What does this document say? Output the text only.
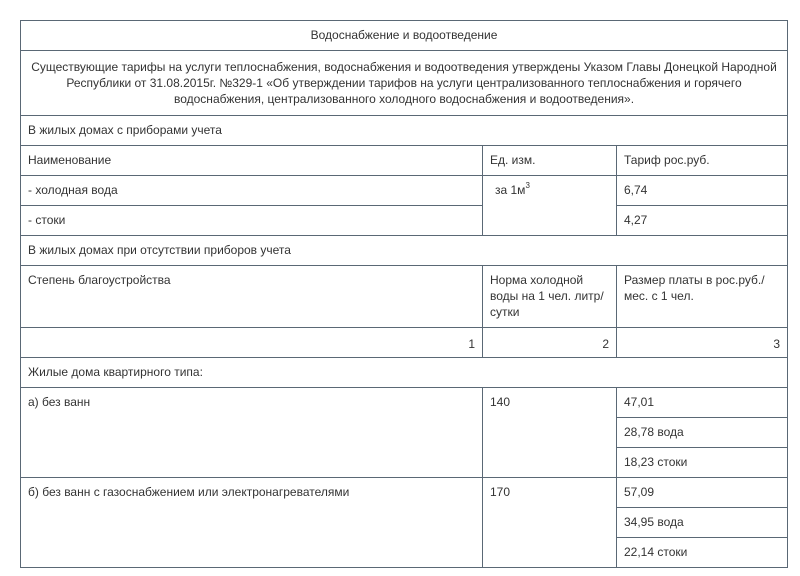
Водоснабжение и водоотведение		
Существующие тарифы на услуги теплоснабжения, водоснабжения и водоотведения утверждены Указом Главы Донецкой Народной Республики от 31.08.2015г. №329-1 «Об утверждении тарифов на услуги централизованного теплоснабжения и горячего водоснабжения, централизованного холодного водоснабжения и водоотведения».		
В жилых домах с приборами учета		
Наименование	Ед. изм.	Тариф рос.руб.
- холодная вода	за $1м^3$	6,74
- стоки		4,27
В жилых домах при отсутствии приборов учета		
Степень благоустройства	Норма холодной воды на 1 чел. литр/сутки	Размер платы в рос.руб./мес. с 1 чел.
1	2	3
Жилые дома квартирного типа:		
а) без ванн	140	47,01
		28,78 вода
		18,23 стоки
б) без ванн с газоснабжением или электронагревателями	170	57,09
		34,95 вода
		22,14 стоки
